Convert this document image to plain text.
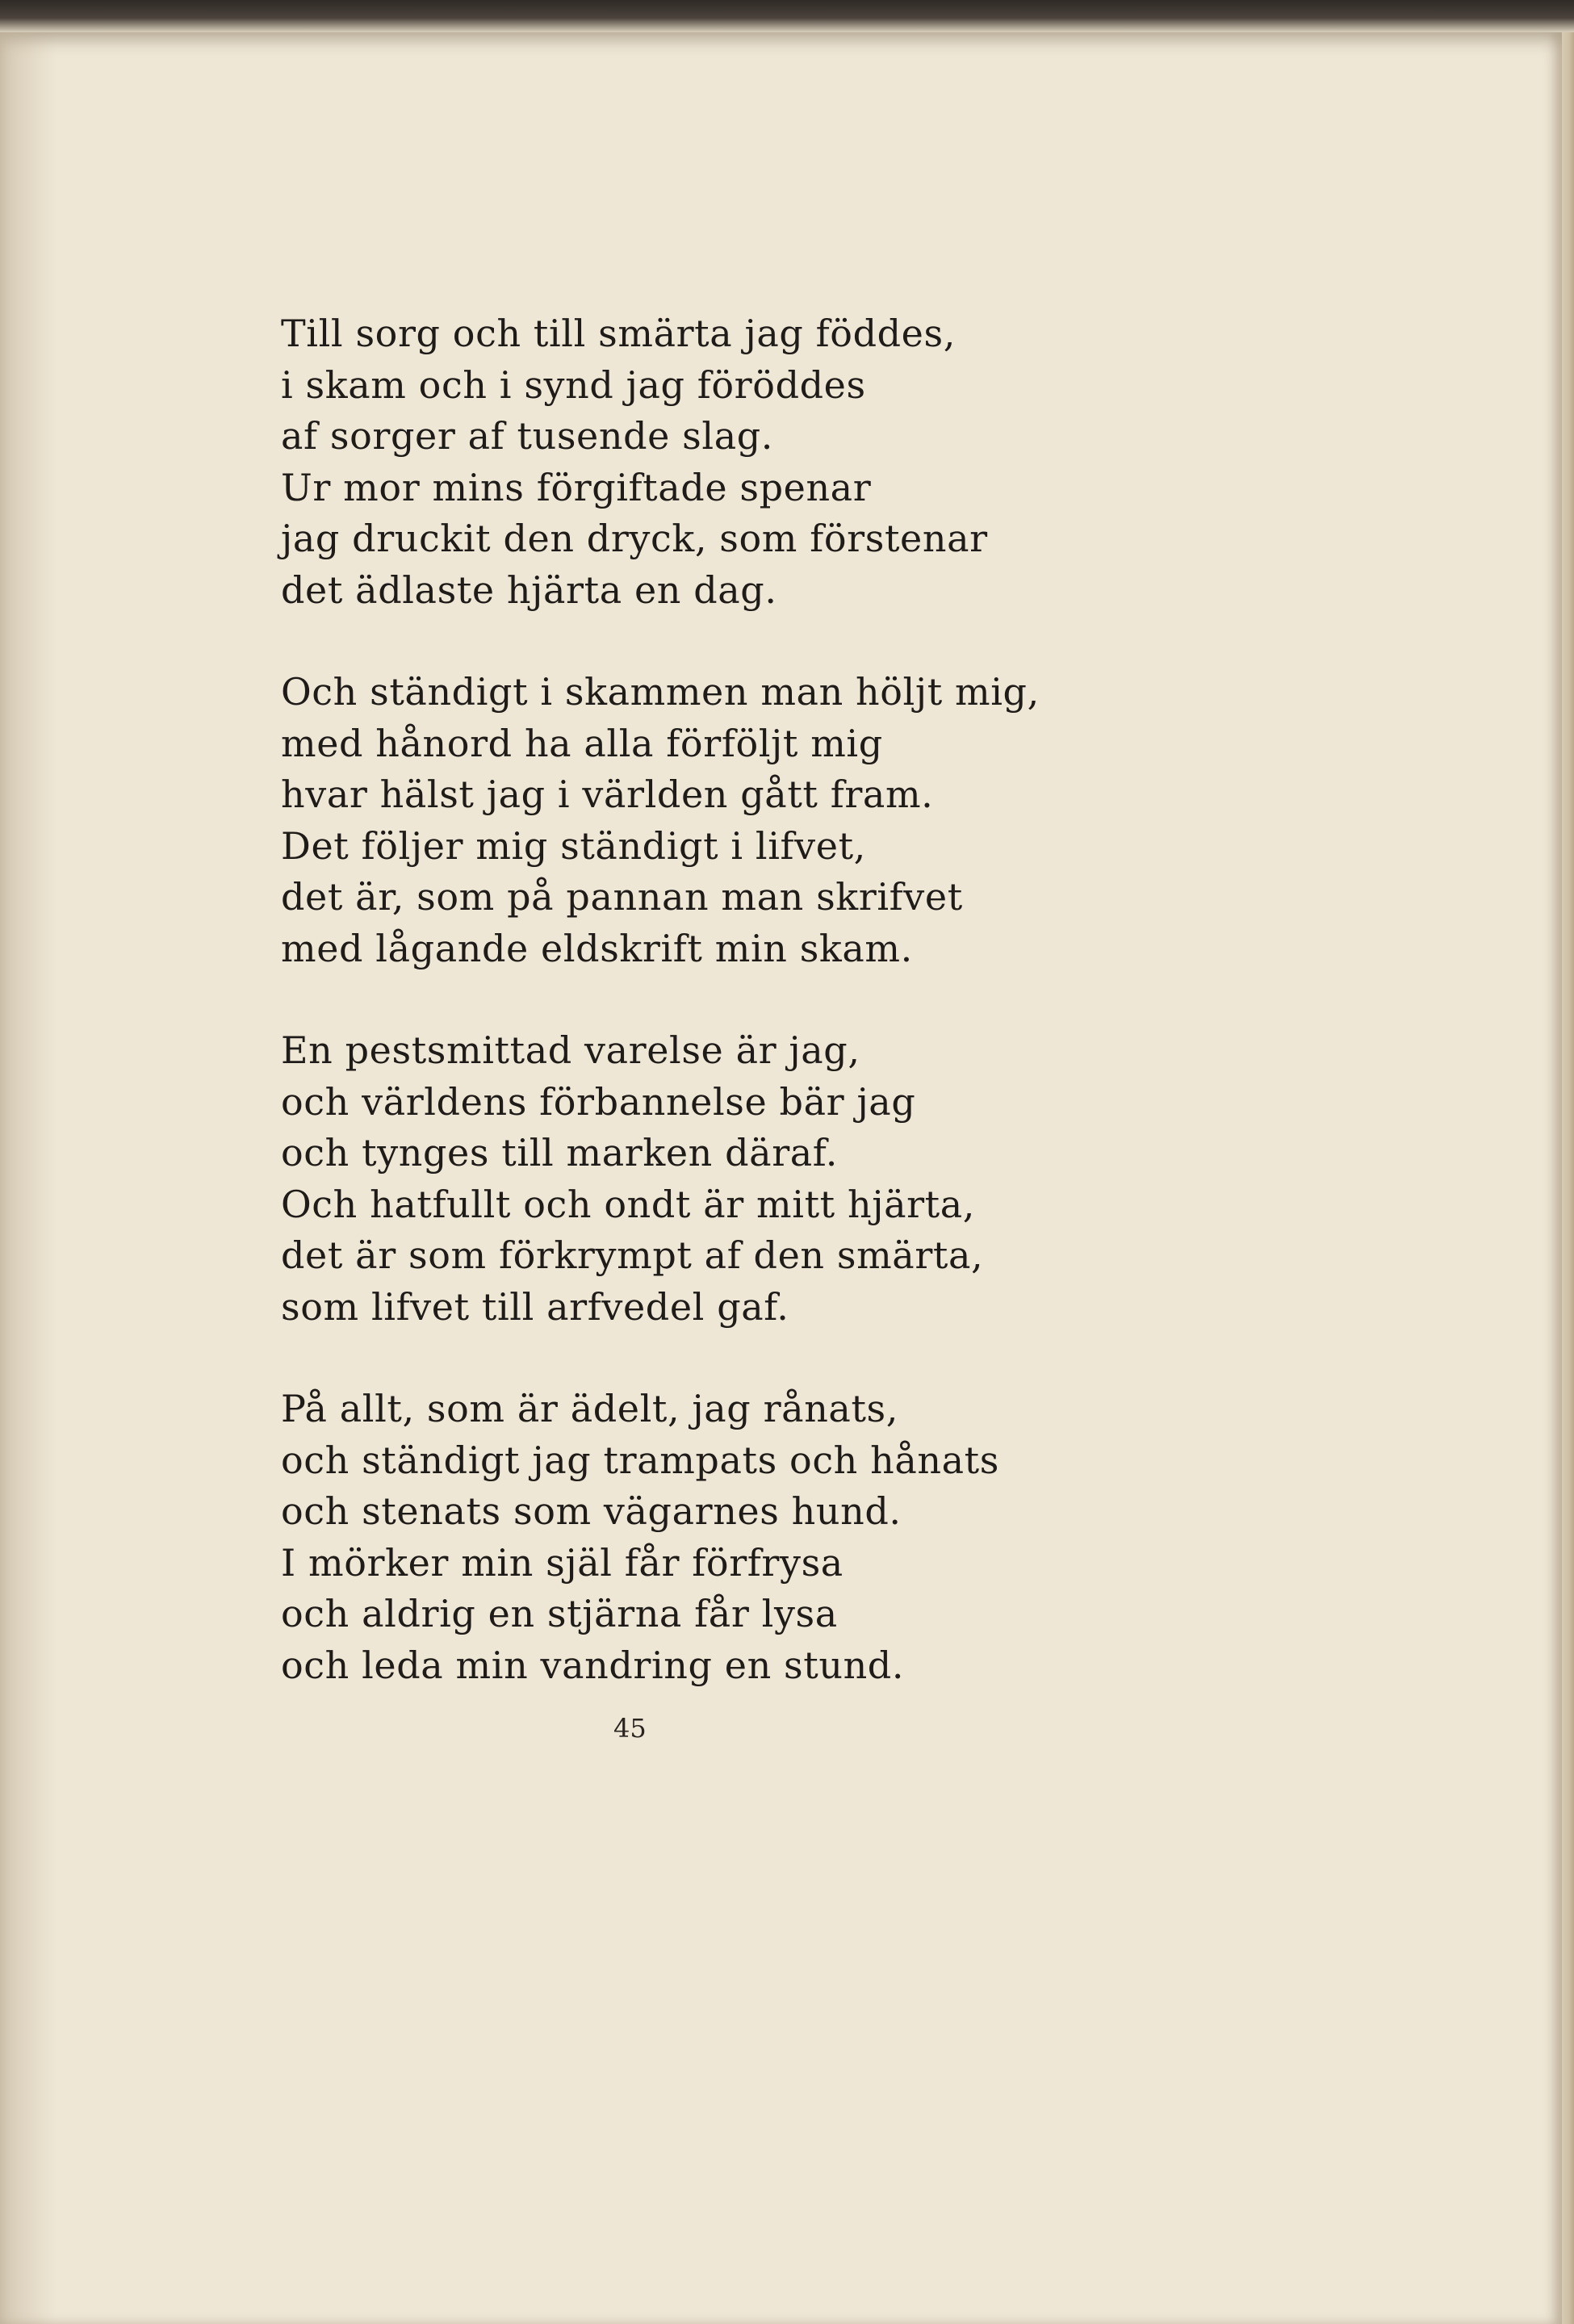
Till sorg och till smärta jag föddes,
i skam och i synd jag föröddes
af sorger af tusende slag.
Ur mor mins förgiftade spenar
jag druckit den dryck, som förstenar
det ädlaste hjärta en dag.
Och ständigt i skammen man höljt mig,
med hånord ha alla förföljt mig
hvar hälst jag i världen gått fram.
Det följer mig ständigt i lifvet,
det är, som på pannan man skrifvet
med lågande eldskrift min skam.
En pestsmittad varelse är jag,
och världens förbannelse bär jag
och tynges till marken däraf.
Och hatfullt och ondt är mitt hjärta,
det är som förkrympt af den smärta,
som lifvet till arfvedel gaf.
På allt, som är ädelt, jag rånats,
och ständigt jag trampats och hånats
och stenats som vägarnes hund.
I mörker min själ får förfrysa
och aldrig en stjärna får lysa
och leda min vandring en stund.
45
